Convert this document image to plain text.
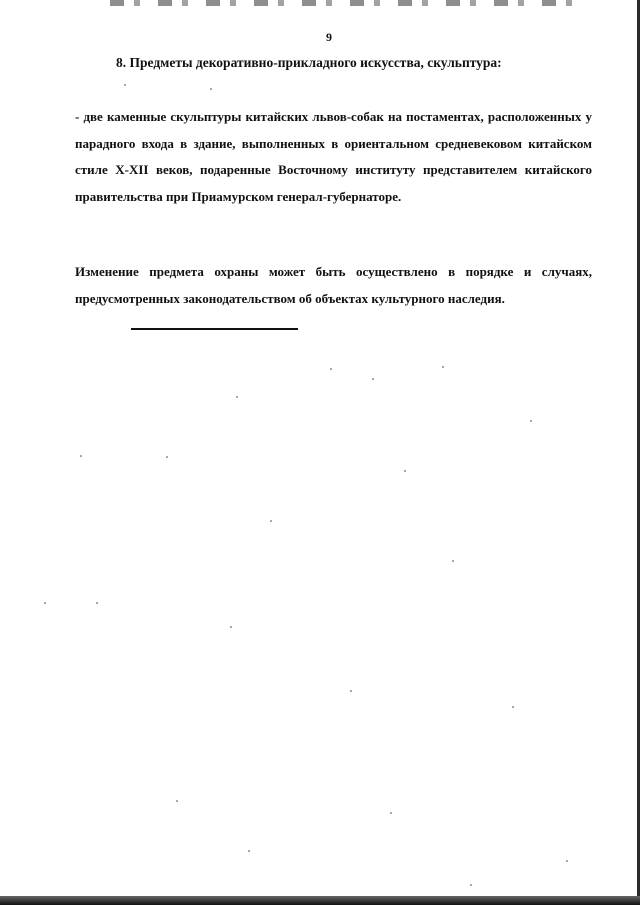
9
8. Предметы декоративно-прикладного искусства, скульптура:
- две каменные скульптуры китайских львов-собак на постаментах, расположенных у парадного входа в здание, выполненных в ориентальном средневековом китайском стиле X-XII веков, подаренные Восточному институту представителем китайского правительства при Приамурском генерал-губернаторе.
Изменение предмета охраны может быть осуществлено в порядке и случаях, предусмотренных законодательством об объектах культурного наследия.
